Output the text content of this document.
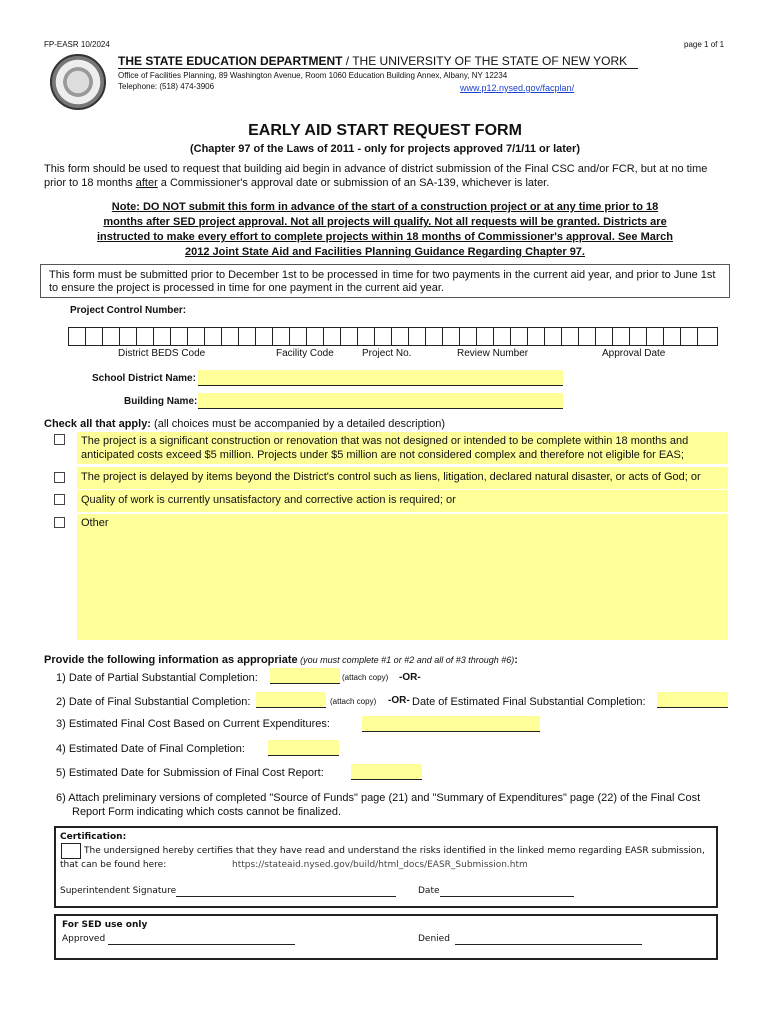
FP-EASR 10/2024	page 1 of 1
THE STATE EDUCATION DEPARTMENT / THE UNIVERSITY OF THE STATE OF NEW YORK
Office of Facilities Planning, 89 Washington Avenue, Room 1060 Education Building Annex, Albany, NY 12234
Telephone: (518) 474-3906	www.p12.nysed.gov/facplan/
EARLY AID START REQUEST FORM
(Chapter 97 of the Laws of 2011 - only for projects approved 7/1/11 or later)
This form should be used to request that building aid begin in advance of district submission of the Final CSC and/or FCR, but at no time
prior to 18 months after a Commissioner's approval date or submission of an SA-139, whichever is later.
Note: DO NOT submit this form in advance of the start of a construction project or at any time prior to 18
months after SED project approval. Not all projects will qualify. Not all requests will be granted. Districts are
instructed to make every effort to complete projects within 18 months of Commissioner's approval. See March
2012 Joint State Aid and Facilities Planning Guidance Regarding Chapter 97.
This form must be submitted prior to December 1st to be processed in time for two payments in the current aid year, and prior to June 1st
to ensure the project is processed in time for one payment in the current aid year.
Project Control Number:
District BEDS Code	Facility Code	Project No.	Review Number	Approval Date
School District Name:
Building Name:
Check all that apply: (all choices must be accompanied by a detailed description)
The project is a significant construction or renovation that was not designed or intended to be complete within 18 months and
anticipated costs exceed $5 million. Projects under $5 million are not considered complex and therefore not eligible for EAS;
The project is delayed by items beyond the District's control such as liens, litigation, declared natural disaster, or acts of God; or
Quality of work is currently unsatisfactory and corrective action is required; or
Other
Provide the following information as appropriate (you must complete #1 or #2 and all of #3 through #6):
1) Date of Partial Substantial Completion:	(attach copy) -OR-
2) Date of Final Substantial Completion:	(attach copy) -OR- Date of Estimated Final Substantial Completion:
3) Estimated Final Cost Based on Current Expenditures:
4) Estimated Date of Final Completion:
5) Estimated Date for Submission of Final Cost Report:
6) Attach preliminary versions of completed "Source of Funds" page (21) and "Summary of Expenditures" page (22) of the Final Cost
Report Form indicating which costs cannot be finalized.
Certification:
The undersigned hereby certifies that they have read and understand the risks identified in the linked memo regarding EASR submission,
that can be found here:	https://stateaid.nysed.gov/build/html_docs/EASR_Submission.htm
Superintendent Signature	Date
For SED use only
Approved	Denied
